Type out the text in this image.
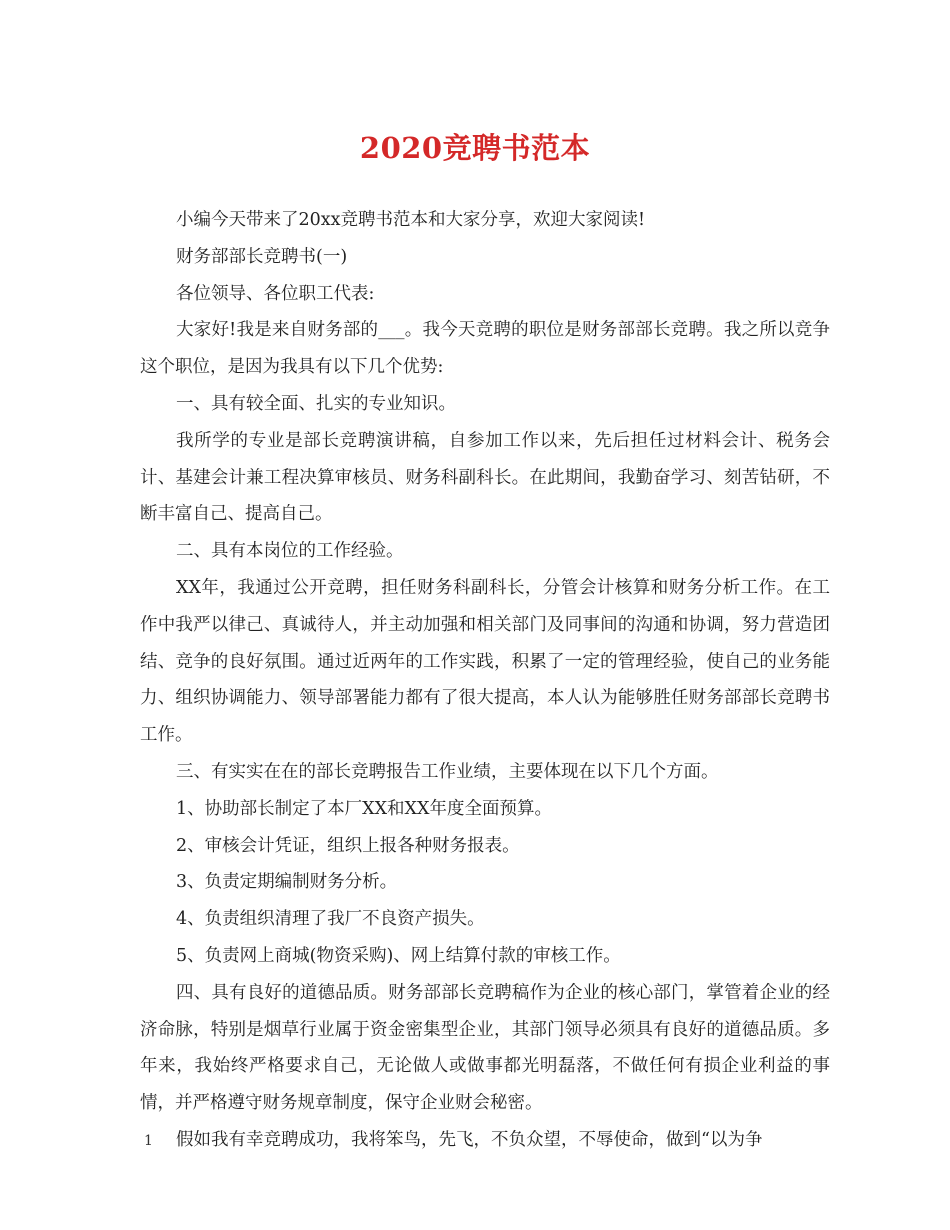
2020竞聘书范本

小编今天带来了20xx竞聘书范本和大家分享，欢迎大家阅读!

财务部部长竞聘书(一)

各位领导、各位职工代表:

大家好!我是来自财务部的___。我今天竞聘的职位是财务部部长竞聘。我之所以竞争这个职位，是因为我具有以下几个优势:

一、具有较全面、扎实的专业知识。

我所学的专业是部长竞聘演讲稿，自参加工作以来，先后担任过材料会计、税务会计、基建会计兼工程决算审核员、财务科副科长。在此期间，我勤奋学习、刻苦钻研，不断丰富自己、提高自己。

二、具有本岗位的工作经验。

XX年，我通过公开竞聘，担任财务科副科长，分管会计核算和财务分析工作。在工作中我严以律己、真诚待人，并主动加强和相关部门及同事间的沟通和协调，努力营造团结、竞争的良好氛围。通过近两年的工作实践，积累了一定的管理经验，使自己的业务能力、组织协调能力、领导部署能力都有了很大提高，本人认为能够胜任财务部部长竞聘书工作。

三、有实实在在的部长竞聘报告工作业绩，主要体现在以下几个方面。

1、协助部长制定了本厂XX和XX年度全面预算。

2、审核会计凭证，组织上报各种财务报表。

3、负责定期编制财务分析。

4、负责组织清理了我厂不良资产损失。

5、负责网上商城(物资采购)、网上结算付款的审核工作。

四、具有良好的道德品质。财务部部长竞聘稿作为企业的核心部门，掌管着企业的经济命脉，特别是烟草行业属于资金密集型企业，其部门领导必须具有良好的道德品质。多年来，我始终严格要求自己，无论做人或做事都光明磊落，不做任何有损企业利益的事情，并严格遵守财务规章制度，保守企业财会秘密。

假如我有幸竞聘成功，我将笨鸟，先飞，不负众望，不辱使命，做到“以为争

1
